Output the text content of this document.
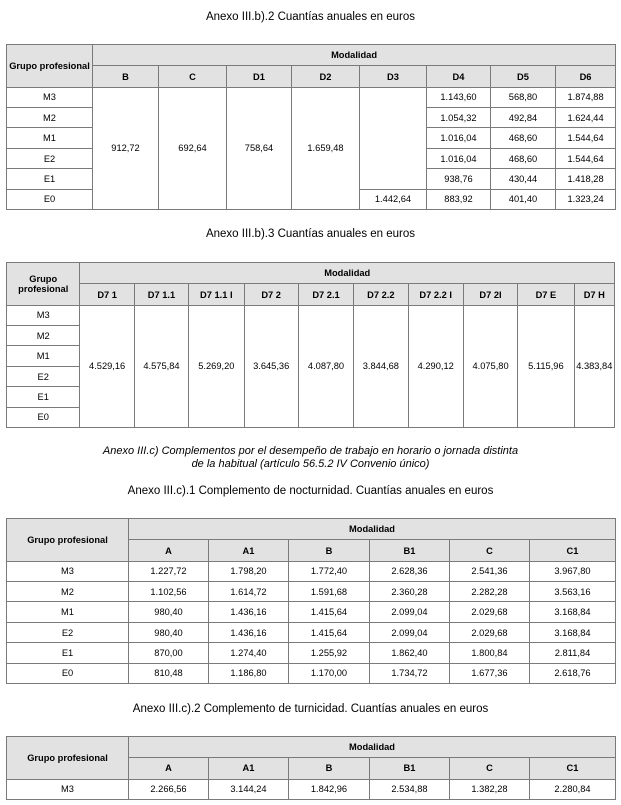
Anexo III.b).2 Cuantías anuales en euros
Grupo profesional	Modalidad							
	B	C	D1	D2	D3	D4	D5	D6
M3	912,72	692,64	758,64	1.659,48		1.143,60	568,80	1.874,88
M2						1.054,32	492,84	1.624,44
M1						1.016,04	468,60	1.544,64
E2						1.016,04	468,60	1.544,64
E1						938,76	430,44	1.418,28
E0					1.442,64	883,92	401,40	1.323,24
Anexo III.b).3 Cuantías anuales en euros
Grupo profesional	Modalidad									
	D7 1	D7 1.1	D7 1.1 I	D7 2	D7 2.1	D7 2.2	D7 2.2 I	D7 2I	D7 E	D7 H
M3	4.529,16	4.575,84	5.269,20	3.645,36	4.087,80	3.844,68	4.290,12	4.075,80	5.115,96	4.383,84
M2										
M1										
E2										
E1										
E0										
Anexo III.c) Complementos por el desempeño de trabajo en horario o jornada distinta
de la habitual (artículo 56.5.2 IV Convenio único)
Anexo III.c).1 Complemento de nocturnidad. Cuantías anuales en euros
Grupo profesional	Modalidad					
	A	A1	B	B1	C	C1
M3	1.227,72	1.798,20	1.772,40	2.628,36	2.541,36	3.967,80
M2	1.102,56	1.614,72	1.591,68	2.360,28	2.282,28	3.563,16
M1	980,40	1.436,16	1.415,64	2.099,04	2.029,68	3.168,84
E2	980,40	1.436,16	1.415,64	2.099,04	2.029,68	3.168,84
E1	870,00	1.274,40	1.255,92	1.862,40	1.800,84	2.811,84
E0	810,48	1.186,80	1.170,00	1.734,72	1.677,36	2.618,76
Anexo III.c).2 Complemento de turnicidad. Cuantías anuales en euros
Grupo profesional	Modalidad					
	A	A1	B	B1	C	C1
M3	2.266,56	3.144,24	1.842,96	2.534,88	1.382,28	2.280,84
